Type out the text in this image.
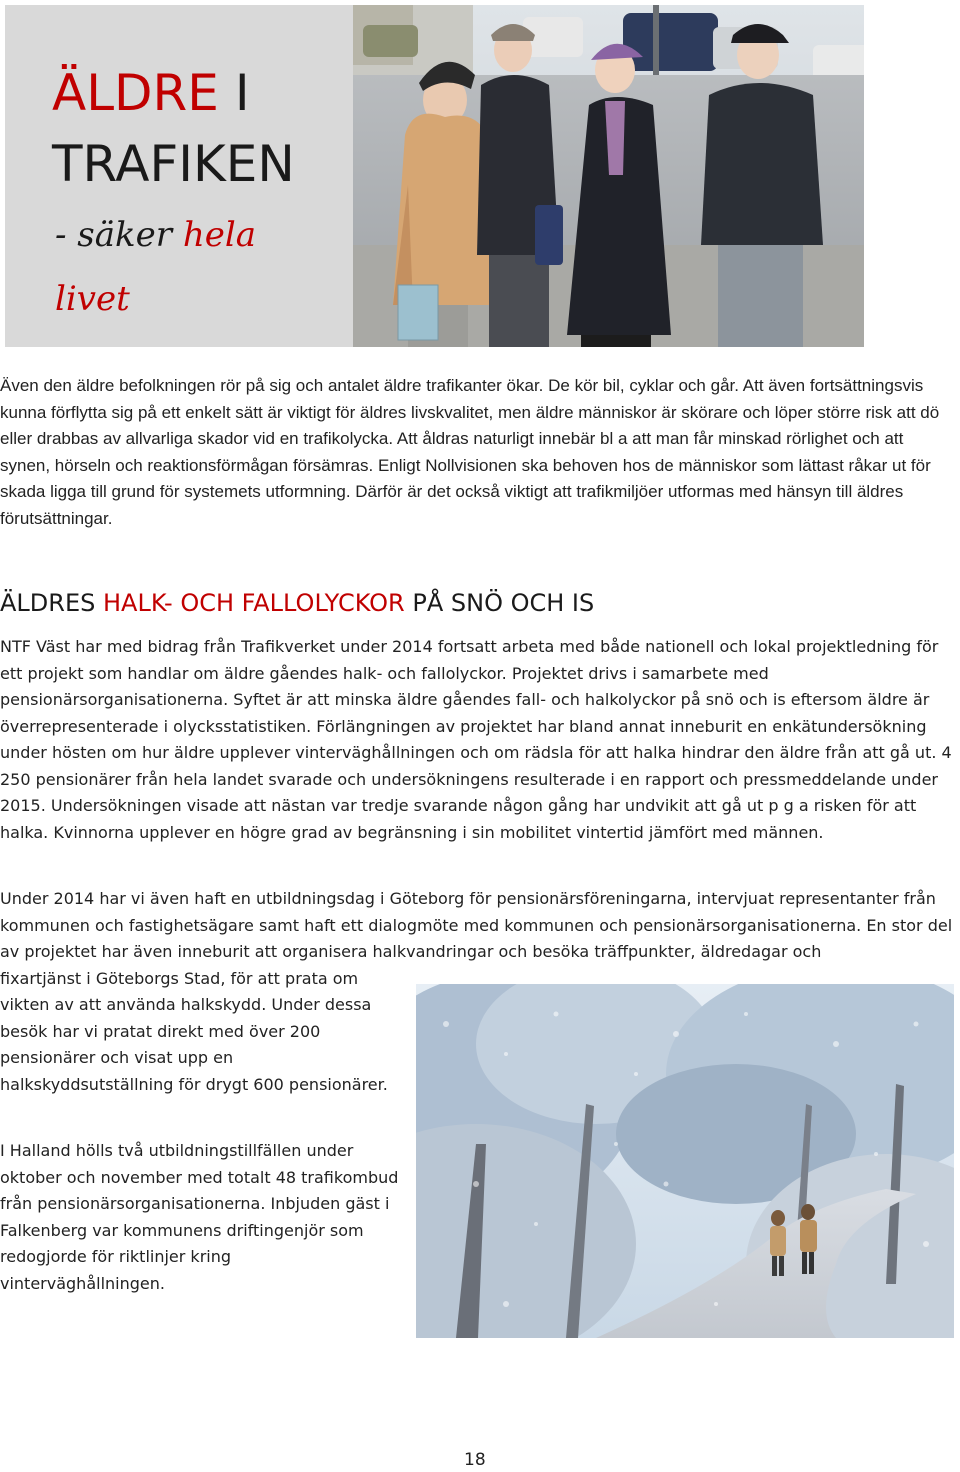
ÄLDRE I
TRAFIKEN
- säker hela
livet
Även den äldre befolkningen rör på sig och antalet äldre trafikanter ökar. De kör bil, cyklar och går. Att även fortsättningsvis kunna förflytta sig på ett enkelt sätt är viktigt för äldres livskvalitet, men äldre människor är skörare och löper större risk att dö eller drabbas av allvarliga skador vid en trafikolycka. Att åldras naturligt innebär bl a att man får minskad rörlighet och att synen, hörseln och reaktionsförmågan försämras. Enligt Nollvisionen ska behoven hos de människor som lättast råkar ut för skada ligga till grund för systemets utformning. Därför är det också viktigt att trafikmiljöer utformas med hänsyn till äldres förutsättningar.
ÄLDRES HALK- OCH FALLOLYCKOR PÅ SNÖ OCH IS
NTF Väst har med bidrag från Trafikverket under 2014 fortsatt arbeta med både nationell och lokal projektledning för ett projekt som handlar om äldre gåendes halk- och fallolyckor. Projektet drivs i samarbete med pensionärsorganisationerna. Syftet är att minska äldre gåendes fall- och halkolyckor på snö och is eftersom äldre är överrepresenterade i olycksstatistiken. Förlängningen av projektet har bland annat inneburit en enkätundersökning under hösten om hur äldre upplever vinterväghållningen och om rädsla för att halka hindrar den äldre från att gå ut. 4 250 pensionärer från hela landet svarade och undersökningens resulterade i en rapport och pressmeddelande under 2015. Undersökningen visade att nästan var tredje svarande någon gång har undvikit att gå ut p g a risken för att halka. Kvinnorna upplever en högre grad av begränsning i sin mobilitet vintertid jämfört med männen.
Under 2014 har vi även haft en utbildningsdag i Göteborg för pensionärsföreningarna, intervjuat representanter från kommunen och fastighetsägare samt haft ett dialogmöte med kommunen och pensionärsorganisationerna. En stor del av projektet har även inneburit att organisera halkvandringar och besöka träffpunkter, äldredagar och
fixartjänst i Göteborgs Stad, för att prata om vikten av att använda halkskydd. Under dessa besök har vi pratat direkt med över 200 pensionärer och visat upp en halkskyddsutställning för drygt 600 pensionärer.
I Halland hölls två utbildningstillfällen under oktober och november med totalt 48 trafikombud från pensionärsorganisationerna. Inbjuden gäst i Falkenberg var kommunens driftingenjör som redogjorde för riktlinjer kring vinterväghållningen.
18
